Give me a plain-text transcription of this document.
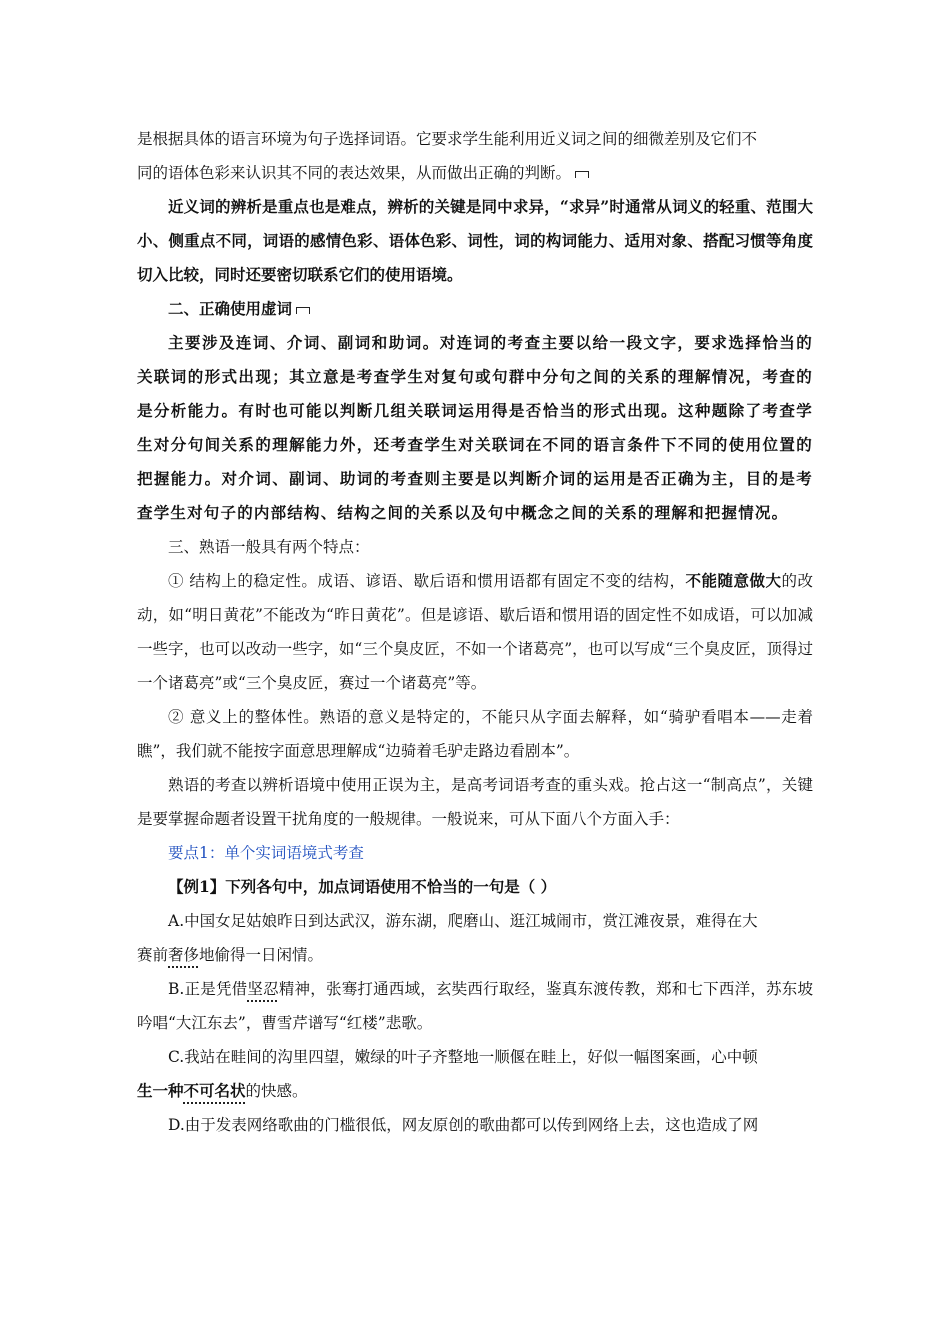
是根据具体的语言环境为句子选择词语。它要求学生能利用近义词之间的细微差别及它们不
同的语体色彩来认识其不同的表达效果，从而做出正确的判断。

近义词的辨析是重点也是难点，辨析的关键是同中求异，“求异”时通常从词义的轻重、范围大小、侧重点不同，词语的感情色彩、语体色彩、词性，词的构词能力、适用对象、搭配习惯等角度切入比较，同时还要密切联系它们的使用语境。

二、正确使用虚词

主要涉及连词、介词、副词和助词。对连词的考查主要以给一段文字，要求选择恰当的关联词的形式出现；其立意是考查学生对复句或句群中分句之间的关系的理解情况，考查的是分析能力。有时也可能以判断几组关联词运用得是否恰当的形式出现。这种题除了考查学生对分句间关系的理解能力外，还考查学生对关联词在不同的语言条件下不同的使用位置的把握能力。对介词、副词、助词的考查则主要是以判断介词的运用是否正确为主，目的是考查学生对句子的内部结构、结构之间的关系以及句中概念之间的关系的理解和把握情况。

三、熟语一般具有两个特点：

① 结构上的稳定性。成语、谚语、歇后语和惯用语都有固定不变的结构，不能随意做大的改动，如“明日黄花”不能改为“昨日黄花”。但是谚语、歇后语和惯用语的固定性不如成语，可以加减一些字，也可以改动一些字，如“三个臭皮匠，不如一个诸葛亮”，也可以写成“三个臭皮匠，顶得过一个诸葛亮”或“三个臭皮匠，赛过一个诸葛亮”等。

② 意义上的整体性。熟语的意义是特定的，不能只从字面去解释，如“骑驴看唱本——走着瞧”，我们就不能按字面意思理解成“边骑着毛驴走路边看剧本”。

熟语的考查以辨析语境中使用正误为主，是高考词语考查的重头戏。抢占这一“制高点”，关键是要掌握命题者设置干扰角度的一般规律。一般说来，可从下面八个方面入手：

要点1：单个实词语境式考查

【例1】下列各句中，加点词语使用不恰当的一句是（ ）

A.中国女足姑娘昨日到达武汉，游东湖，爬磨山、逛江城闹市，赏江滩夜景，难得在大
赛前奢侈地偷得一日闲情。

B.正是凭借坚忍精神，张骞打通西域，玄奘西行取经，鉴真东渡传教，郑和七下西洋，苏东坡吟唱“大江东去”，曹雪芹谱写“红楼”悲歌。

C.我站在畦间的沟里四望，嫩绿的叶子齐整地一顺偃在畦上，好似一幅图案画，心中顿
生一种不可名状的快感。

D.由于发表网络歌曲的门槛很低，网友原创的歌曲都可以传到网络上去，这也造成了网
